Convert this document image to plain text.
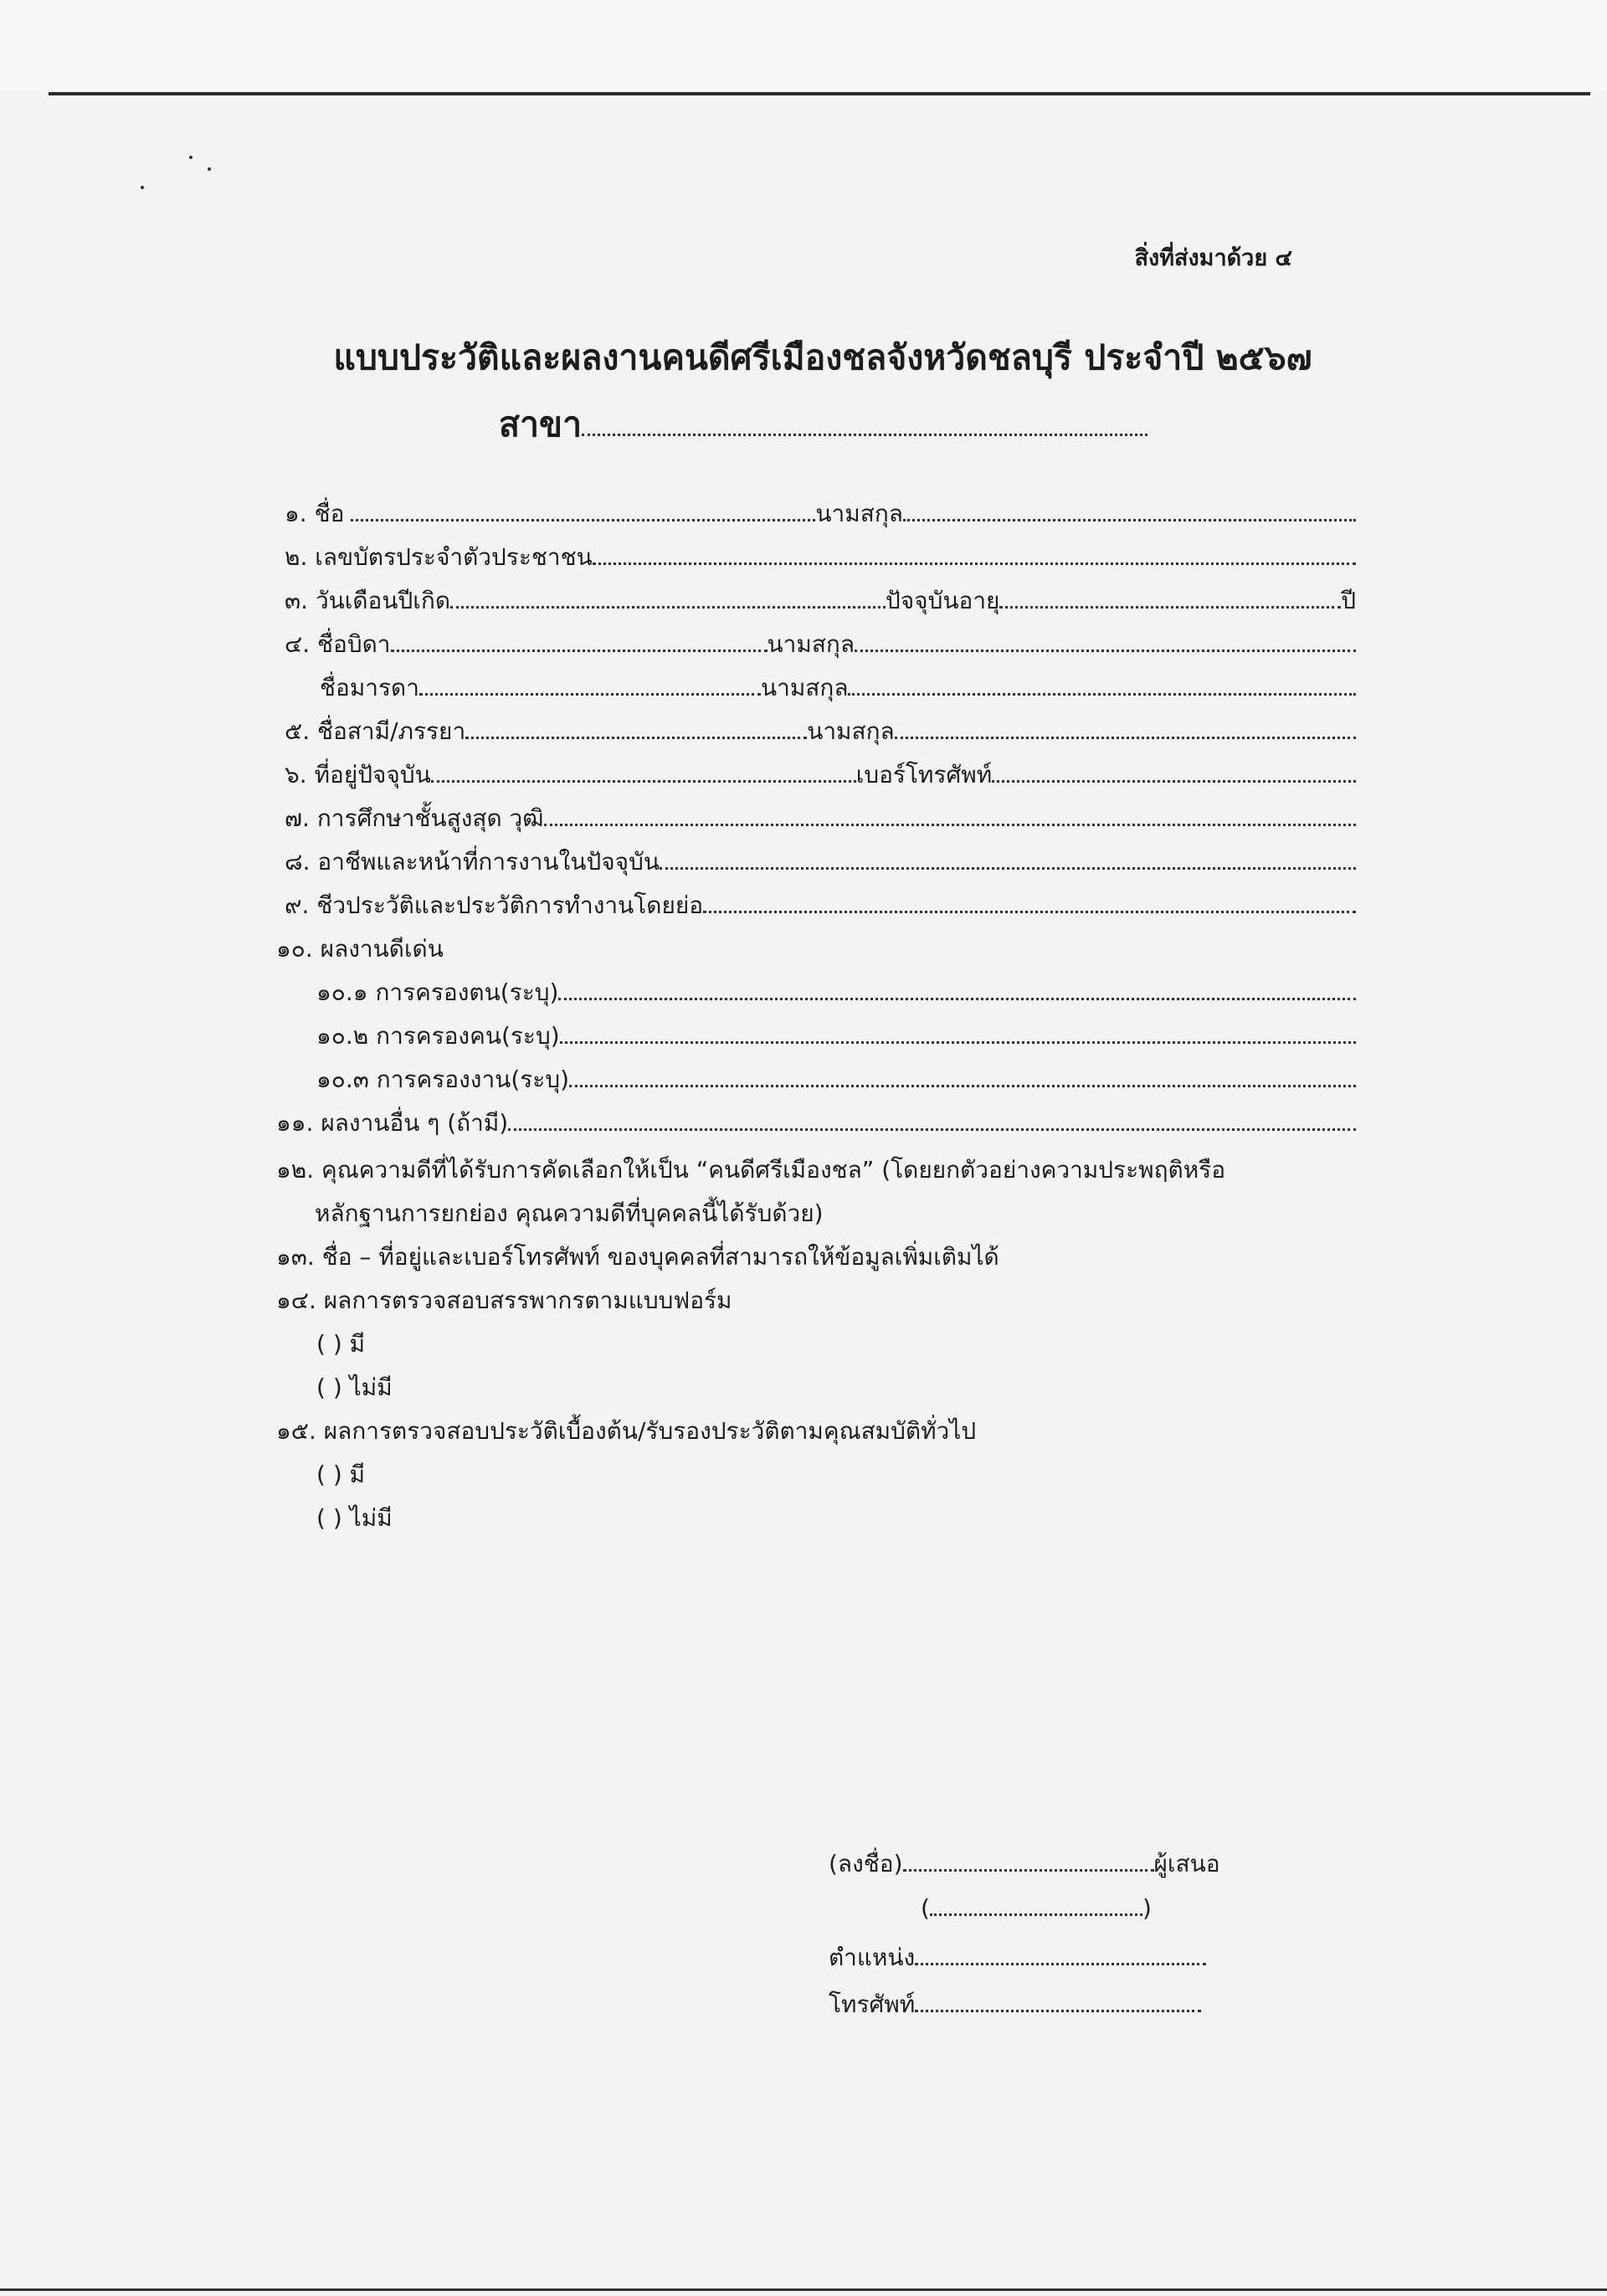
สิ่งที่ส่งมาด้วย ๔
แบบประวัติและผลงานคนดีศรีเมืองชลจังหวัดชลบุรี ประจำปี ๒๕๖๗
สาขา
๑. ชื่อ	นามสกุล
๒. เลขบัตรประจำตัวประชาชน
๓. วันเดือนปีเกิด	ปัจจุบันอายุ	ปี
๔. ชื่อบิดา	นามสกุล
ชื่อมารดา	นามสกุล
๕. ชื่อสามี/ภรรยา	นามสกุล
๖. ที่อยู่ปัจจุบัน	เบอร์โทรศัพท์
๗. การศึกษาชั้นสูงสุด วุฒิ
๘. อาชีพและหน้าที่การงานในปัจจุบัน
๙. ชีวประวัติและประวัติการทำงานโดยย่อ
๑๐. ผลงานดีเด่น
๑๐.๑ การครองตน(ระบุ)
๑๐.๒ การครองคน(ระบุ)
๑๐.๓ การครองงาน(ระบุ)
๑๑. ผลงานอื่น ๆ (ถ้ามี)
๑๒. คุณความดีที่ได้รับการคัดเลือกให้เป็น “คนดีศรีเมืองชล” (โดยยกตัวอย่างความประพฤติหรือ
หลักฐานการยกย่อง คุณความดีที่บุคคลนี้ได้รับด้วย)
๑๓. ชื่อ – ที่อยู่และเบอร์โทรศัพท์ ของบุคคลที่สามารถให้ข้อมูลเพิ่มเติมได้
๑๔. ผลการตรวจสอบสรรพากรตามแบบฟอร์ม
( ) มี
( ) ไม่มี
๑๕. ผลการตรวจสอบประวัติเบื้องต้น/รับรองประวัติตามคุณสมบัติทั่วไป
( ) มี
( ) ไม่มี
(ลงชื่อ)	ผู้เสนอ
(	)
ตำแหน่ง
โทรศัพท์
